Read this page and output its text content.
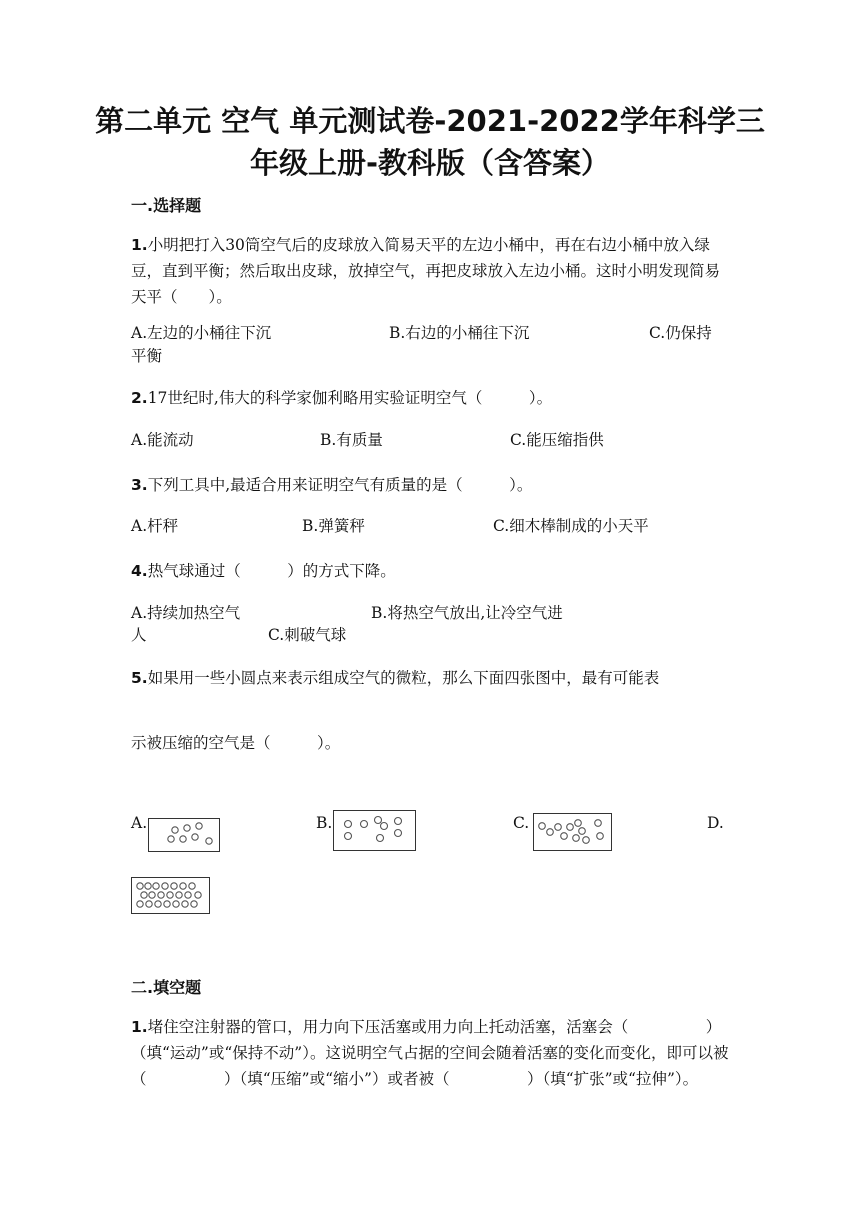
第二单元 空气 单元测试卷-2021-2022学年科学三
年级上册-教科版（含答案）
一.选择题
1.小明把打入30筒空气后的皮球放入简易天平的左边小桶中，再在右边小桶中放入绿豆，直到平衡；然后取出皮球，放掉空气，再把皮球放入左边小桶。这时小明发现简易天平（　　）。
A.左边的小桶往下沉	B.右边的小桶往下沉	C.仍保持
平衡
2.17世纪时,伟大的科学家伽利略用实验证明空气（　　　）。
A.能流动	B.有质量	C.能压缩指供
3.下列工具中,最适合用来证明空气有质量的是（　　　）。
A.杆秤	B.弹簧秤	C.细木棒制成的小天平
4.热气球通过（　　　）的方式下降。
A.持续加热空气	B.将热空气放出,让冷空气进
人	C.刺破气球
5.如果用一些小圆点来表示组成空气的微粒，那么下面四张图中，最有可能表
示被压缩的空气是（　　　）。
A.	B.	C.	D.
二.填空题
1.堵住空注射器的管口，用力向下压活塞或用力向上托动活塞，活塞会（　　　　　）（填“运动”或“保持不动”）。这说明空气占据的空间会随着活塞的变化而变化，即可以被（　　　　　）（填“压缩”或“缩小”）或者被（　　　　　）（填“扩张”或“拉伸”）。
